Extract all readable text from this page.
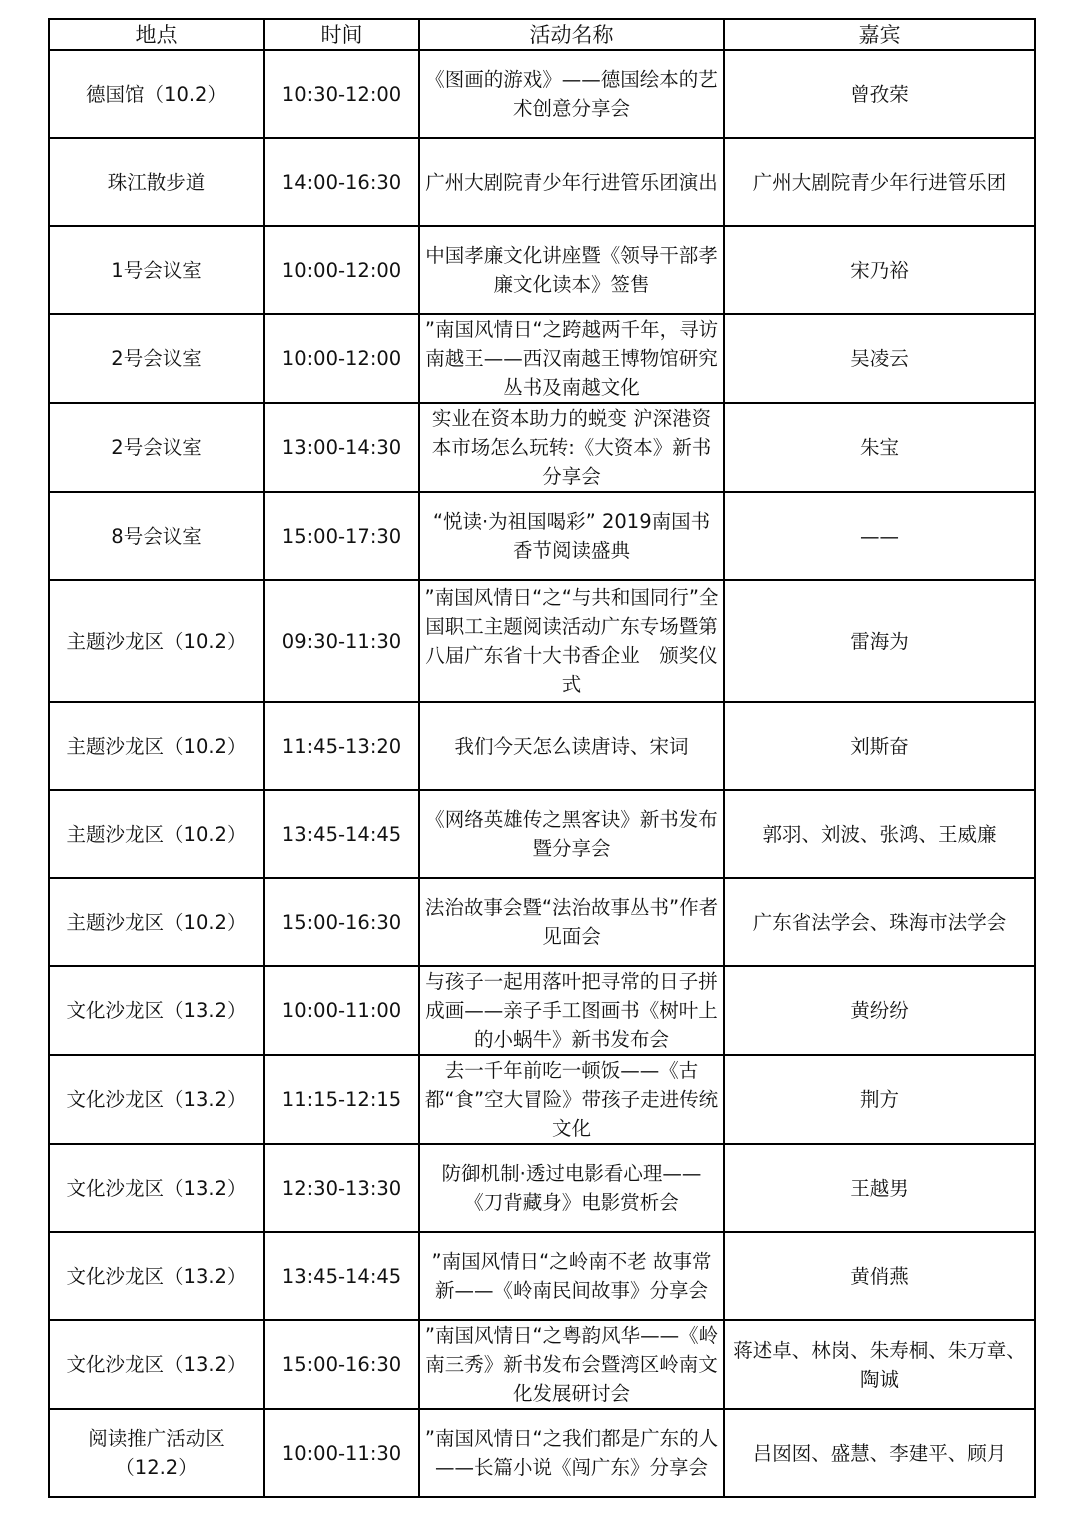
地点	时间	活动名称	嘉宾
德国馆（10.2）	10:30-12:00	《图画的游戏》——德国绘本的艺术创意分享会	曾孜荣
珠江散步道	14:00-16:30	广州大剧院青少年行进管乐团演出	广州大剧院青少年行进管乐团
1号会议室	10:00-12:00	中国孝廉文化讲座暨《领导干部孝廉文化读本》签售	宋乃裕
2号会议室	10:00-12:00	”南国风情日“之跨越两千年，寻访南越王——西汉南越王博物馆研究丛书及南越文化	吴凌云
2号会议室	13:00-14:30	实业在资本助力的蜕变 沪深港资本市场怎么玩转:《大资本》新书分享会	朱宝
8号会议室	15:00-17:30	“悦读·为祖国喝彩” 2019南国书香节阅读盛典	——
主题沙龙区（10.2）	09:30-11:30	”南国风情日“之“与共和国同行”全国职工主题阅读活动广东专场暨第八届广东省十大书香企业　颁奖仪式	雷海为
主题沙龙区（10.2）	11:45-13:20	我们今天怎么读唐诗、宋词	刘斯奋
主题沙龙区（10.2）	13:45-14:45	《网络英雄传之黑客诀》新书发布暨分享会	郭羽、刘波、张鸿、王威廉
主题沙龙区（10.2）	15:00-16:30	法治故事会暨“法治故事丛书”作者见面会	广东省法学会、珠海市法学会
文化沙龙区（13.2）	10:00-11:00	与孩子一起用落叶把寻常的日子拼成画——亲子手工图画书《树叶上的小蜗牛》新书发布会	黄纷纷
文化沙龙区（13.2）	11:15-12:15	去一千年前吃一顿饭——《古都“食”空大冒险》带孩子走进传统文化	荆方
文化沙龙区（13.2）	12:30-13:30	防御机制·透过电影看心理——《刀背藏身》电影赏析会	王越男
文化沙龙区（13.2）	13:45-14:45	”南国风情日“之岭南不老 故事常新——《岭南民间故事》分享会	黄俏燕
文化沙龙区（13.2）	15:00-16:30	”南国风情日“之粤韵风华——《岭南三秀》新书发布会暨湾区岭南文化发展研讨会	蒋述卓、林岗、朱寿桐、朱万章、陶诚
阅读推广活动区（12.2）	10:00-11:30	”南国风情日“之我们都是广东的人——长篇小说《闯广东》分享会	吕囡囡、盛慧、李建平、顾月
